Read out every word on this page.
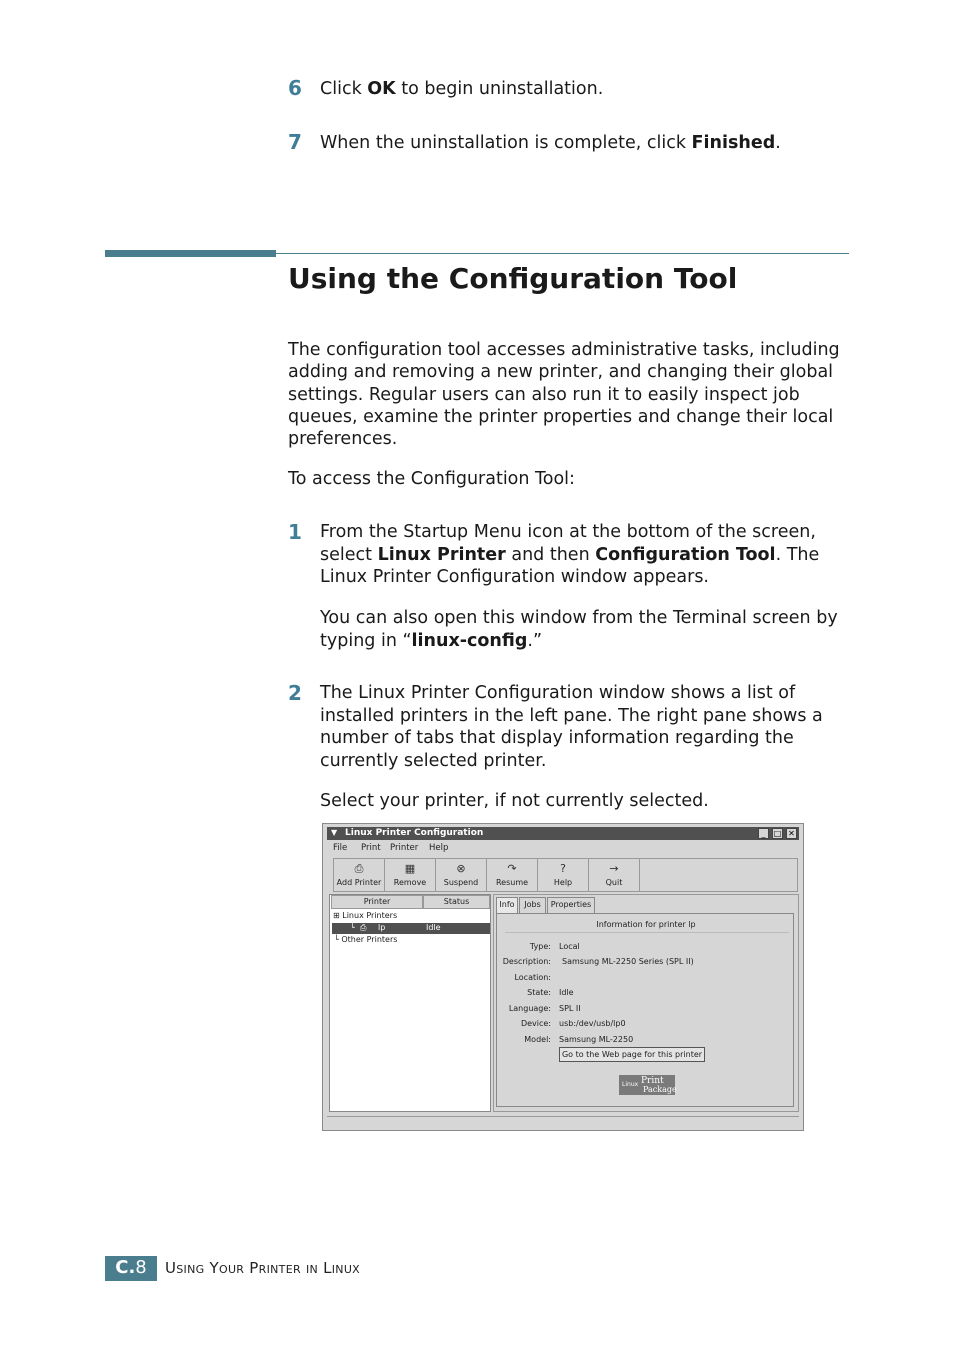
6 Click OK to begin uninstallation.
7 When the uninstallation is complete, click Finished.
Using the Configuration Tool
The configuration tool accesses administrative tasks, including
adding and removing a new printer, and changing their global
settings. Regular users can also run it to easily inspect job
queues, examine the printer properties and change their local
preferences.
To access the Configuration Tool:
1 From the Startup Menu icon at the bottom of the screen,
select Linux Printer and then Configuration Tool. The
Linux Printer Configuration window appears.
You can also open this window from the Terminal screen by
typing in “linux-config.”
2 The Linux Printer Configuration window shows a list of
installed printers in the left pane. The right pane shows a
number of tabs that display information regarding the
currently selected printer.
Select your printer, if not currently selected.
▼ Linux Printer Configuration	_	□ ✕
File Print Printer Help
⎙
Add Printer
▦
Remove
⊗
Suspend
↷
Resume
?
Help
→
Quit
Printer	Status
⊞ Linux Printers
└ ⎙ lp	Idle
└ Other Printers
Info	Jobs	Properties
Information for printer lp
Type: Local
Description: Samsung ML-2250 Series (SPL II)
Location:
State: Idle
Language: SPL II
Device: usb:/dev/usb/lp0
Model: Samsung ML-2250
Go to the Web page for this printer
Linux Print
Package
C.8	Using Your Printer in Linux
